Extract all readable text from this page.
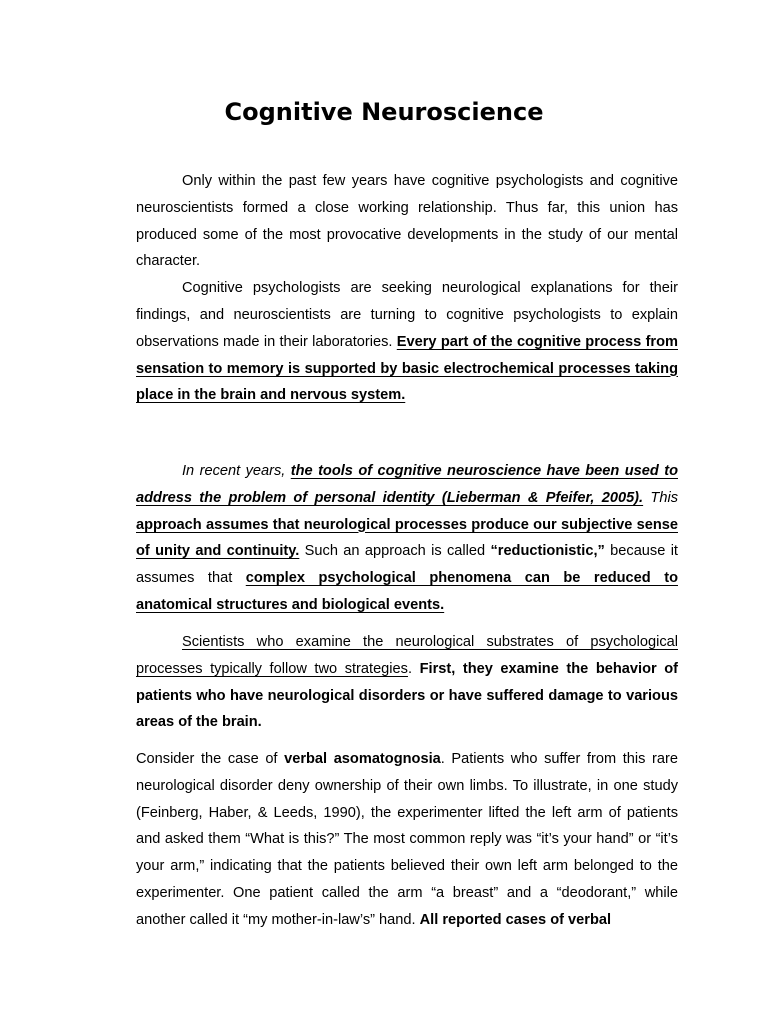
Cognitive Neuroscience

Only within the past few years have cognitive psychologists and cognitive neuroscientists formed a close working relationship. Thus far, this union has produced some of the most provocative developments in the study of our mental character.

Cognitive psychologists are seeking neurological explanations for their findings, and neuroscientists are turning to cognitive psychologists to explain observations made in their laboratories. Every part of the cognitive process from sensation to memory is supported by basic electrochemical processes taking place in the brain and nervous system.

In recent years, the tools of cognitive neuroscience have been used to address the problem of personal identity (Lieberman & Pfeifer, 2005). This approach assumes that neurological processes produce our subjective sense of unity and continuity. Such an approach is called “reductionistic,” because it assumes that complex psychological phenomena can be reduced to anatomical structures and biological events.

Scientists who examine the neurological substrates of psychological processes typically follow two strategies. First, they examine the behavior of patients who have neurological disorders or have suffered damage to various areas of the brain.

Consider the case of verbal asomatognosia. Patients who suffer from this rare neurological disorder deny ownership of their own limbs. To illustrate, in one study (Feinberg, Haber, & Leeds, 1990), the experimenter lifted the left arm of patients and asked them “What is this?” The most common reply was “it’s your hand” or “it’s your arm,” indicating that the patients believed their own left arm belonged to the experimenter. One patient called the arm “a breast” and a “deodorant,” while another called it “my mother-in-law’s” hand. All reported cases of verbal
